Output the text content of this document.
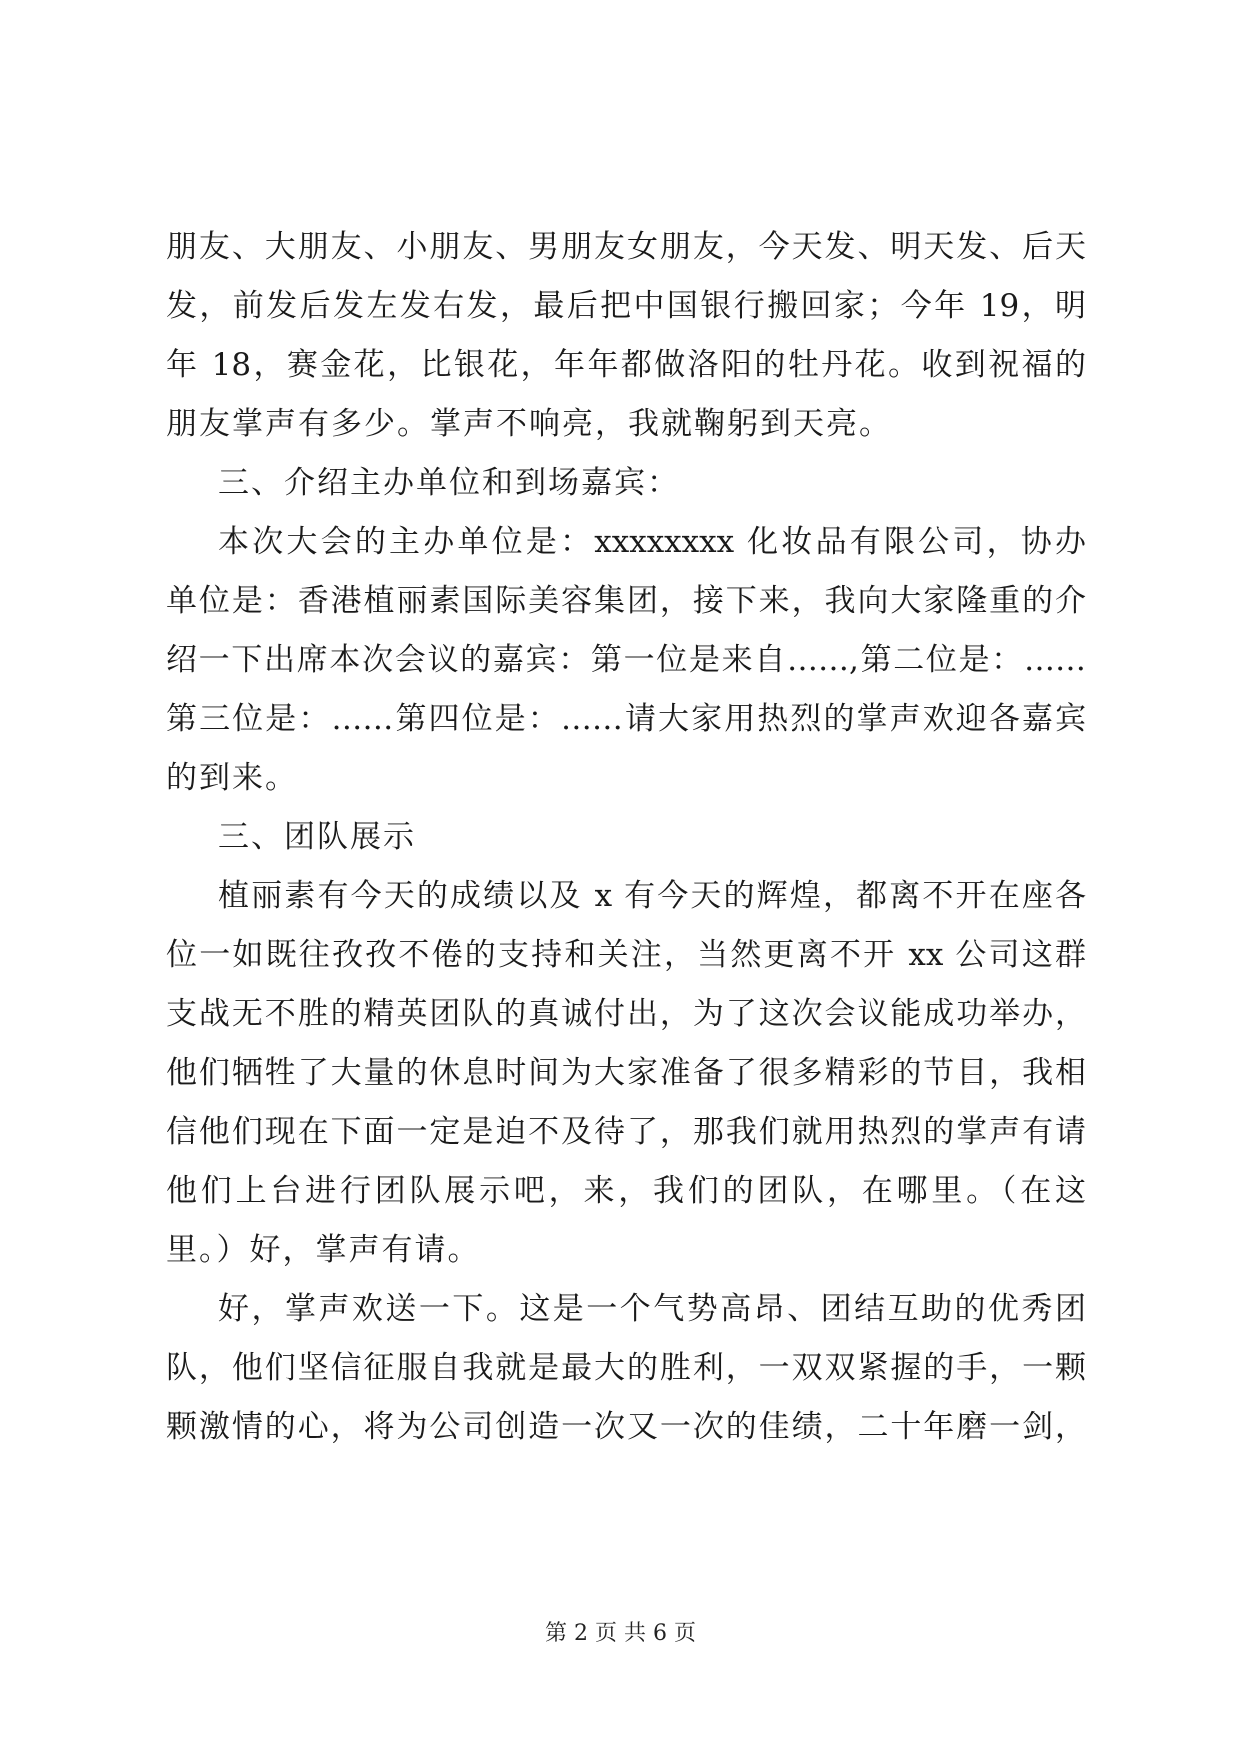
朋友、大朋友、小朋友、男朋友女朋友，今天发、明天发、后天
发，前发后发左发右发，最后把中国银行搬回家；今年 19，明
年 18，赛金花，比银花，年年都做洛阳的牡丹花。收到祝福的
朋友掌声有多少。掌声不响亮，我就鞠躬到天亮。
三、介绍主办单位和到场嘉宾：
本次大会的主办单位是：xxxxxxxx 化妆品有限公司，协办
单位是：香港植丽素国际美容集团，接下来，我向大家隆重的介
绍一下出席本次会议的嘉宾：第一位是来自……,第二位是：……
第三位是：……第四位是：……请大家用热烈的掌声欢迎各嘉宾
的到来。
三、团队展示
植丽素有今天的成绩以及 x 有今天的辉煌，都离不开在座各
位一如既往孜孜不倦的支持和关注，当然更离不开 xx 公司这群
支战无不胜的精英团队的真诚付出，为了这次会议能成功举办，
他们牺牲了大量的休息时间为大家准备了很多精彩的节目，我相
信他们现在下面一定是迫不及待了，那我们就用热烈的掌声有请
他们上台进行团队展示吧，来，我们的团队，在哪里。（在这
里。）好，掌声有请。
好，掌声欢送一下。这是一个气势高昂、团结互助的优秀团
队，他们坚信征服自我就是最大的胜利，一双双紧握的手，一颗
颗激情的心，将为公司创造一次又一次的佳绩，二十年磨一剑，
第 2 页 共 6 页
